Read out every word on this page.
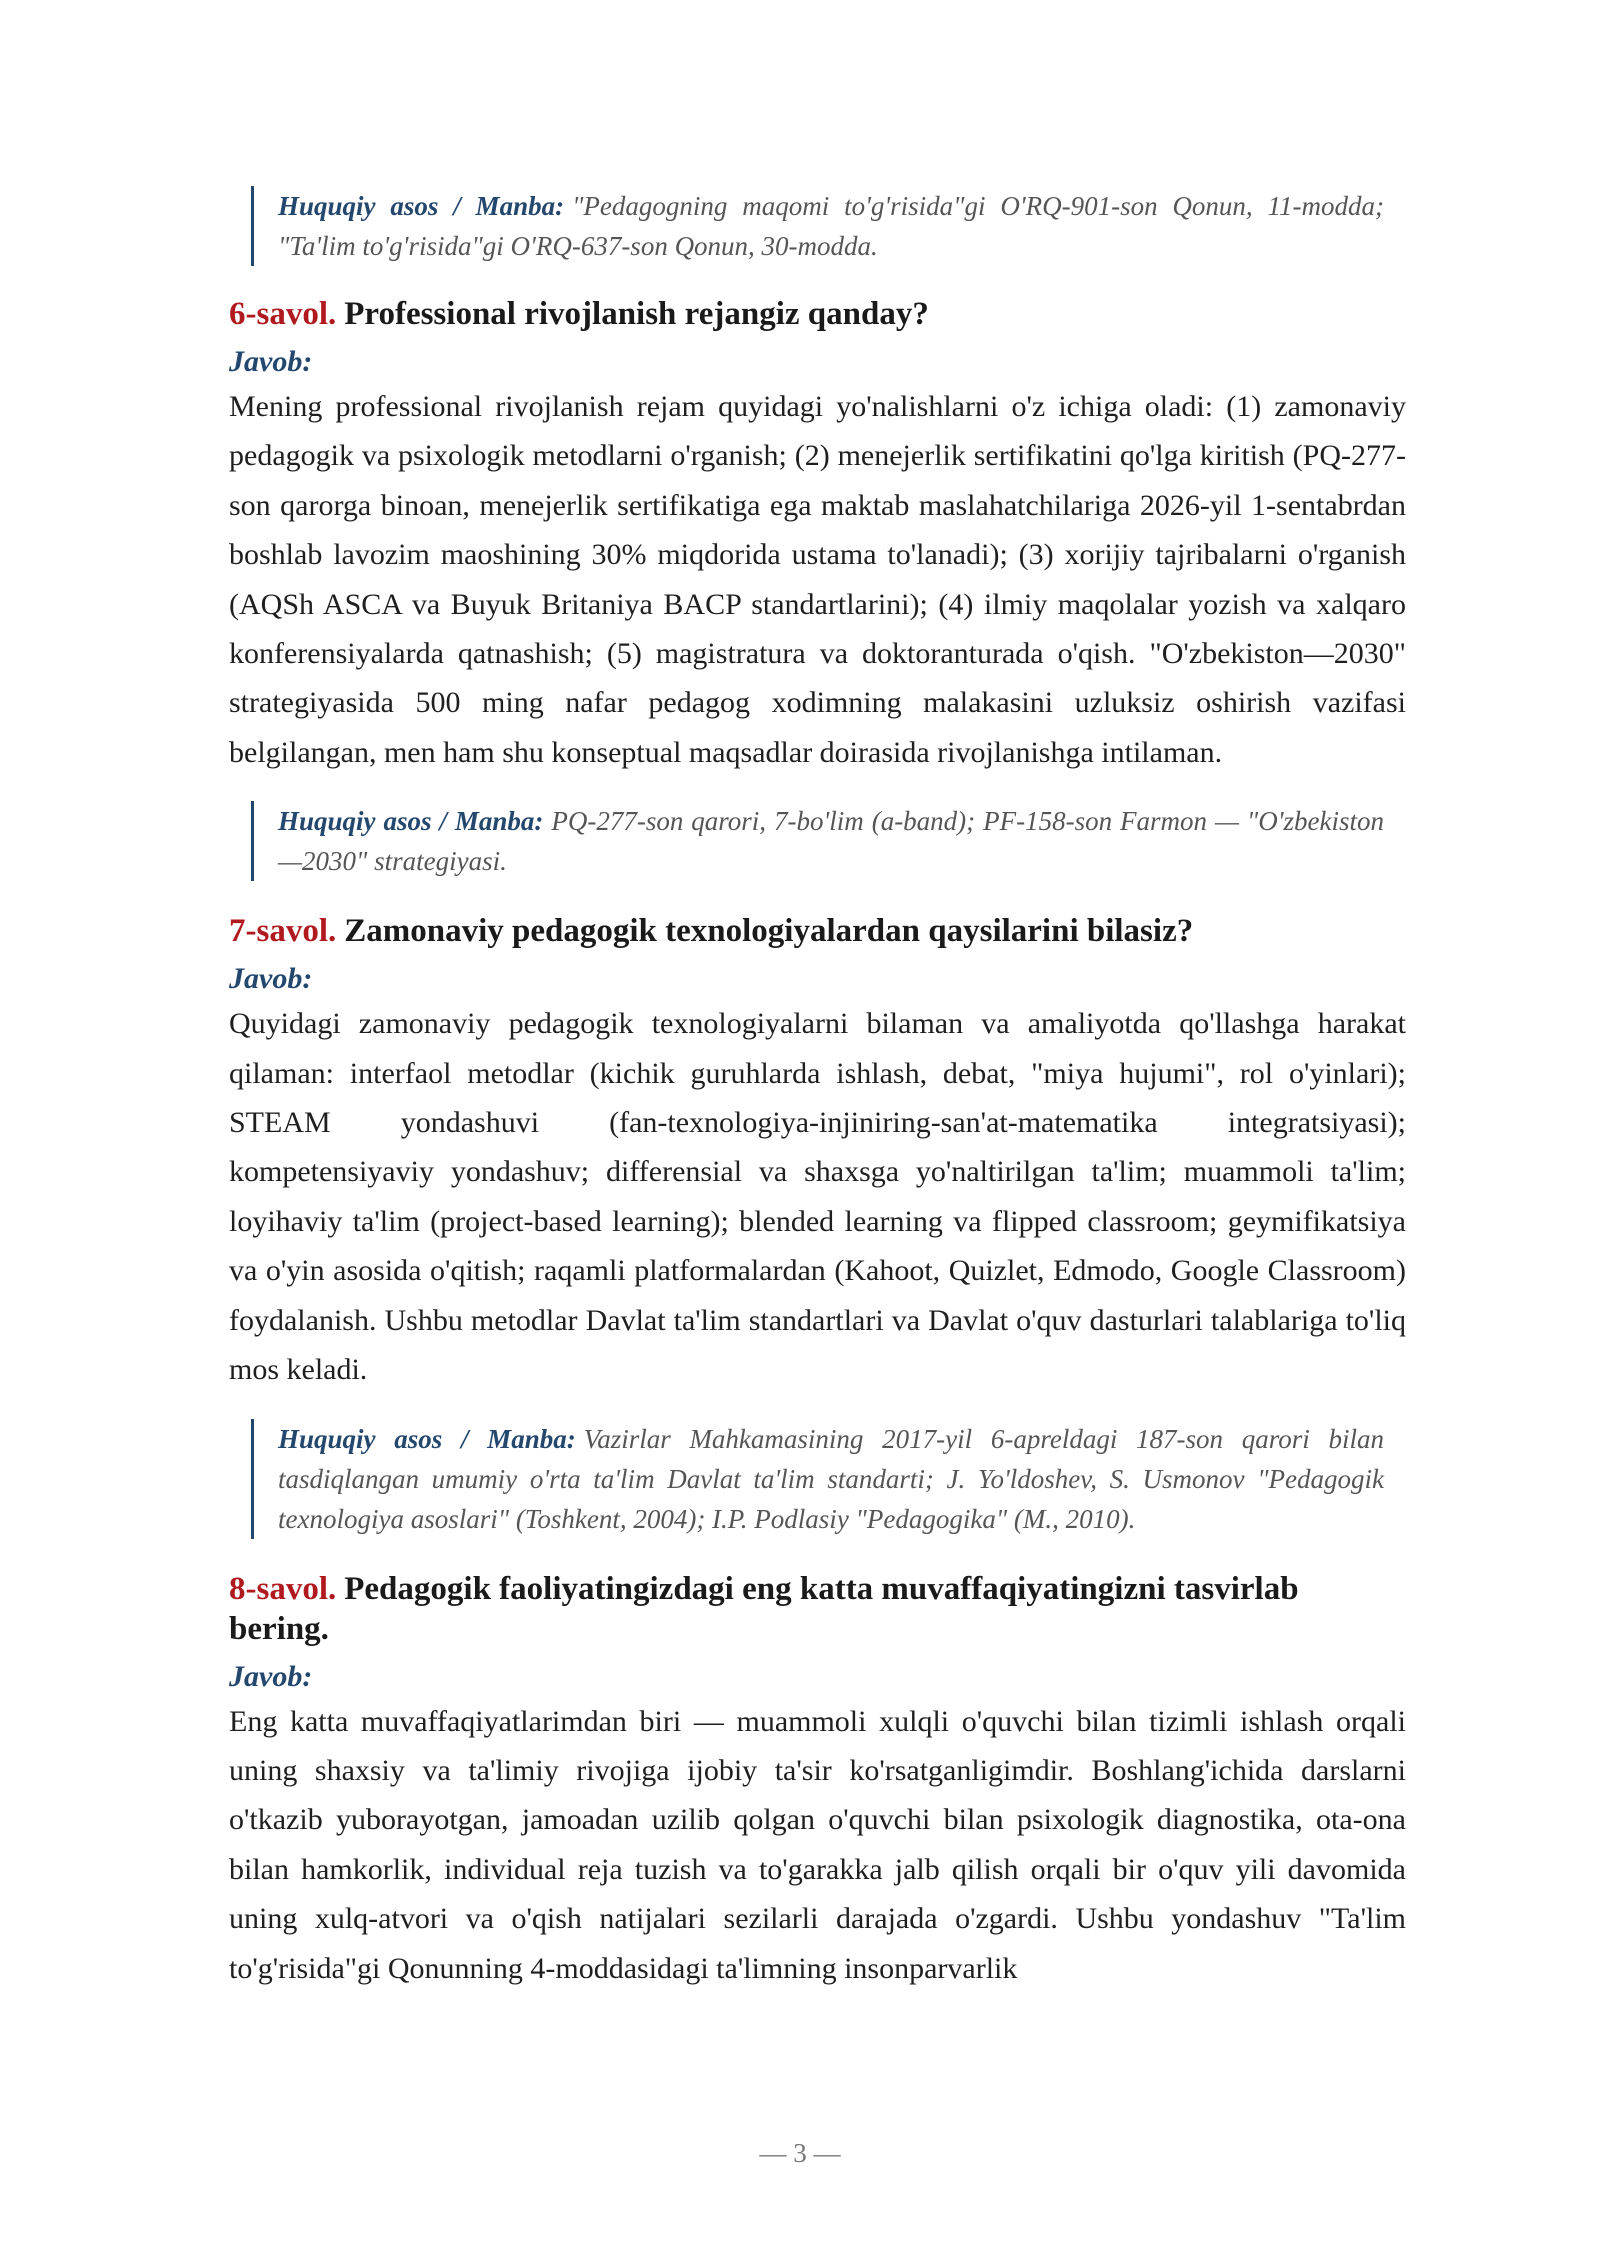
Huquqiy asos / Manba: "Pedagogning maqomi to'g'risida"gi O'RQ-901-son Qonun, 11-modda; "Ta'lim to'g'risida"gi O'RQ-637-son Qonun, 30-modda.
6-savol. Professional rivojlanish rejangiz qanday?
Javob:

Mening professional rivojlanish rejam quyidagi yo'nalishlarni o'z ichiga oladi: (1) zamonaviy pedagogik va psixologik metodlarni o'rganish; (2) menejerlik sertifikatini qo'lga kiritish (PQ-277-son qarorga binoan, menejerlik sertifikatiga ega maktab maslahatchilariga 2026-yil 1-sentabrdan boshlab lavozim maoshining 30% miqdorida ustama to'lanadi); (3) xorijiy tajribalarni o'rganish (AQSh ASCA va Buyuk Britaniya BACP standartlarini); (4) ilmiy maqolalar yozish va xalqaro konferensiyalarda qatnashish; (5) magistratura va doktoranturada o'qish. "O'zbekiston—2030" strategiyasida 500 ming nafar pedagog xodimning malakasini uzluksiz oshirish vazifasi belgilangan, men ham shu konseptual maqsadlar doirasida rivojlanishga intilaman.

Huquqiy asos / Manba: PQ-277-son qarori, 7-bo'lim (a-band); PF-158-son Farmon — "O'zbekiston—2030" strategiyasi.
7-savol. Zamonaviy pedagogik texnologiyalardan qaysilarini bilasiz?
Javob:

Quyidagi zamonaviy pedagogik texnologiyalarni bilaman va amaliyotda qo'llashga harakat qilaman: interfaol metodlar (kichik guruhlarda ishlash, debat, "miya hujumi", rol o'yinlari); STEAM yondashuvi (fan-texnologiya-injiniring-san'at-matematika integratsiyasi); kompetensiyaviy yondashuv; differensial va shaxsga yo'naltirilgan ta'lim; muammoli ta'lim; loyihaviy ta'lim (project-based learning); blended learning va flipped classroom; geymifikatsiya va o'yin asosida o'qitish; raqamli platformalardan (Kahoot, Quizlet, Edmodo, Google Classroom) foydalanish. Ushbu metodlar Davlat ta'lim standartlari va Davlat o'quv dasturlari talablariga to'liq mos keladi.

Huquqiy asos / Manba: Vazirlar Mahkamasining 2017-yil 6-apreldagi 187-son qarori bilan tasdiqlangan umumiy o'rta ta'lim Davlat ta'lim standarti; J. Yo'ldoshev, S. Usmonov "Pedagogik texnologiya asoslari" (Toshkent, 2004); I.P. Podlasiy "Pedagogika" (M., 2010).
8-savol. Pedagogik faoliyatingizdagi eng katta muvaffaqiyatingizni tasvirlab bering.
Javob:

Eng katta muvaffaqiyatlarimdan biri — muammoli xulqli o'quvchi bilan tizimli ishlash orqali uning shaxsiy va ta'limiy rivojiga ijobiy ta'sir ko'rsatganligimdir. Boshlang'ichida darslarni o'tkazib yuborayotgan, jamoadan uzilib qolgan o'quvchi bilan psixologik diagnostika, ota-ona bilan hamkorlik, individual reja tuzish va to'garakka jalb qilish orqali bir o'quv yili davomida uning xulq-atvori va o'qish natijalari sezilarli darajada o'zgardi. Ushbu yondashuv "Ta'lim to'g'risida"gi Qonunning 4-moddasidagi ta'limning insonparvarlik

— 3 —
